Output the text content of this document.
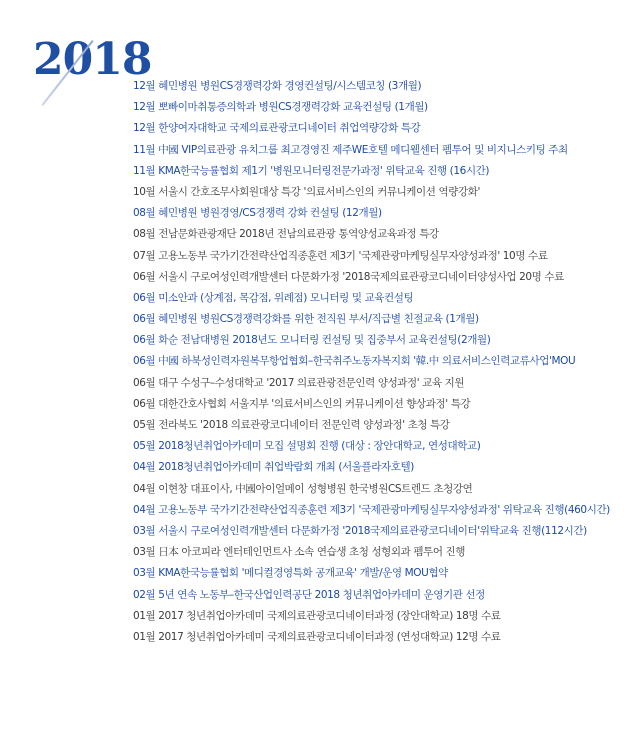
2018
12월 혜민병원 병원CS경쟁력강화 경영컨설팅/시스템코칭 (3개월)
12월 뽀빠이마취통증의학과 병원CS경쟁력강화 교육컨설팅 (1개월)
12월 한양여자대학교 국제의료관광코디네이터 취업역량강화 특강
11월 中國 VIP의료관광 유치그룹 최고경영진 제주WE호텔 메디웰센터 펨투어 및 비지니스키팅 주최
11월 KMA한국능률협회 제1기 '병원모니터링전문가과정' 위탁교육 진행 (16시간)
10월 서울시 간호조무사회원대상 특강 '의료서비스인의 커뮤니케이션 역량강화'
08월 혜민병원 병원경영/CS경쟁력 강화 컨설팅 (12개월)
08월 전남문화관광재단 2018년 전남의료관광 통역양성교육과정 특강
07월 고용노동부 국가기간전략산업직종훈련 제3기 '국제관광마케팅실무자양성과정' 10명 수료
06월 서울시 구로여성인력개발센터 다문화가정 '2018국제의료관광코디네이터양성사업 20명 수료
06월 미소안과 (상계점, 목감점, 위례점) 모니터링 및 교육컨설팅
06월 혜민병원 병원CS경쟁력강화를 위한 전직원 부서/직급별 친절교육 (1개월)
06월 화순 전남대병원 2018년도 모니터링 컨설팅 및 집중부서 교육컨설팅(2개월)
06월 中國 하북성인력자원복무항업협회–한국취주노동자복지회 '韓.中 의료서비스인력교류사업'MOU
06월 대구 수성구–수성대학교 '2017 의료관광전문인력 양성과정' 교육 지원
06월 대한간호사협회 서울지부 '의료서비스인의 커뮤니케이션 향상과정' 특강
05월 전라북도 '2018 의료관광코디네이터 전문인력 양성과정' 초청 특강
05월 2018청년취업아카데미 모집 설명회 진행 (대상 : 장안대학교, 연성대학교)
04월 2018청년취업아카데미 취업박람회 개최 (서울플라자호텔)
04월 이현창 대표이사, 中國아이얼메이 성형병원 한국병원CS트렌드 초청강연
04월 고용노동부 국가기간전략산업직종훈련 제3기 '국제관광마케팅실무자양성과정' 위탁교육 진행(460시간)
03월 서울시 구로여성인력개발센터 다문화가정 '2018국제의료관광코디네이터'위탁교육 진행(112시간)
03월 日本 아코피라 엔터테인먼트사 소속 연습생 초청 성형외과 펨투어 진행
03월 KMA한국능률협회 '메디컬경영특화 공개교육' 개발/운영 MOU협약
02월 5년 연속 노동부–한국산업인력공단 2018 청년취업아카데미 운영기관 선정
01월 2017 청년취업아카데미 국제의료관광코디네이터과정 (장안대학교) 18명 수료
01월 2017 청년취업아카데미 국제의료관광코디네이터과정 (연성대학교) 12명 수료
